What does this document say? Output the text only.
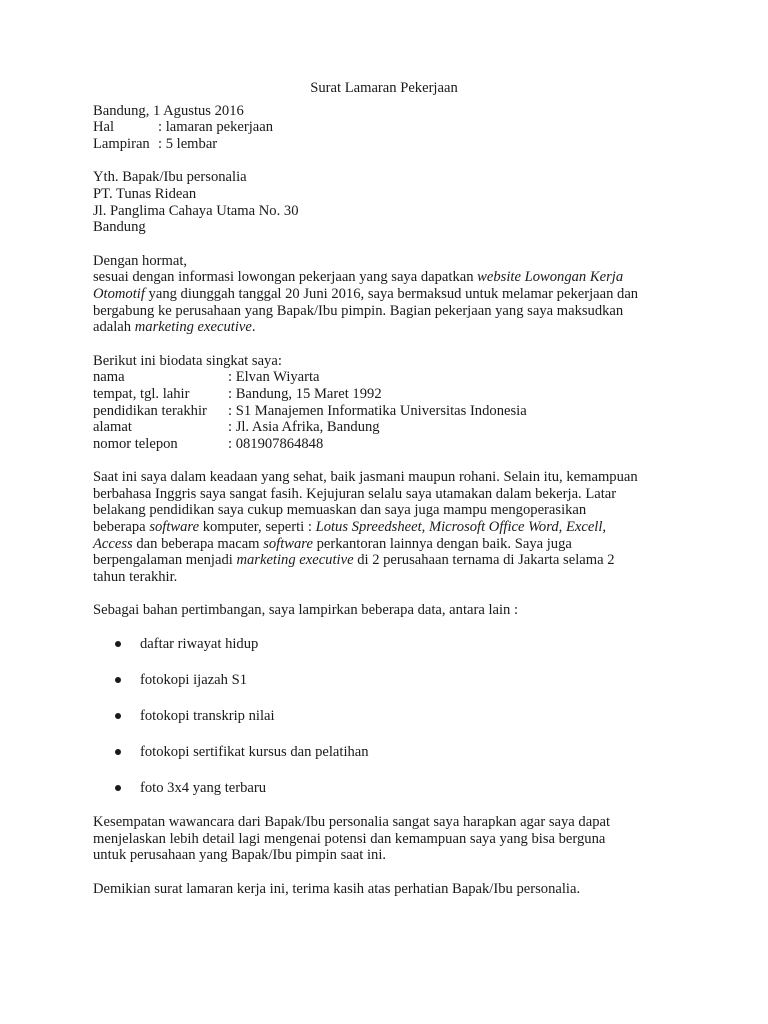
Surat Lamaran Pekerjaan
Bandung, 1 Agustus 2016
Hal	: lamaran pekerjaan
Lampiran : 5 lembar
Yth. Bapak/Ibu personalia
PT. Tunas Ridean
Jl. Panglima Cahaya Utama No. 30
Bandung
Dengan hormat,
sesuai dengan informasi lowongan pekerjaan yang saya dapatkan website Lowongan Kerja
Otomotif yang diunggah tanggal 20 Juni 2016, saya bermaksud untuk melamar pekerjaan dan
bergabung ke perusahaan yang Bapak/Ibu pimpin. Bagian pekerjaan yang saya maksudkan
adalah marketing executive.
Berikut ini biodata singkat saya:
nama	: Elvan Wiyarta
tempat, tgl. lahir	: Bandung, 15 Maret 1992
pendidikan terakhir	: S1 Manajemen Informatika Universitas Indonesia
alamat	: Jl. Asia Afrika, Bandung
nomor telepon	: 081907864848
Saat ini saya dalam keadaan yang sehat, baik jasmani maupun rohani. Selain itu, kemampuan
berbahasa Inggris saya sangat fasih. Kejujuran selalu saya utamakan dalam bekerja. Latar
belakang pendidikan saya cukup memuaskan dan saya juga mampu mengoperasikan
beberapa software komputer, seperti : Lotus Spreedsheet, Microsoft Office Word, Excell,
Access dan beberapa macam software perkantoran lainnya dengan baik. Saya juga
berpengalaman menjadi marketing executive di 2 perusahaan ternama di Jakarta selama 2
tahun terakhir.
Sebagai bahan pertimbangan, saya lampirkan beberapa data, antara lain :
daftar riwayat hidup
fotokopi ijazah S1
fotokopi transkrip nilai
fotokopi sertifikat kursus dan pelatihan
foto 3x4 yang terbaru
Kesempatan wawancara dari Bapak/Ibu personalia sangat saya harapkan agar saya dapat
menjelaskan lebih detail lagi mengenai potensi dan kemampuan saya yang bisa berguna
untuk perusahaan yang Bapak/Ibu pimpin saat ini.
Demikian surat lamaran kerja ini, terima kasih atas perhatian Bapak/Ibu personalia.
